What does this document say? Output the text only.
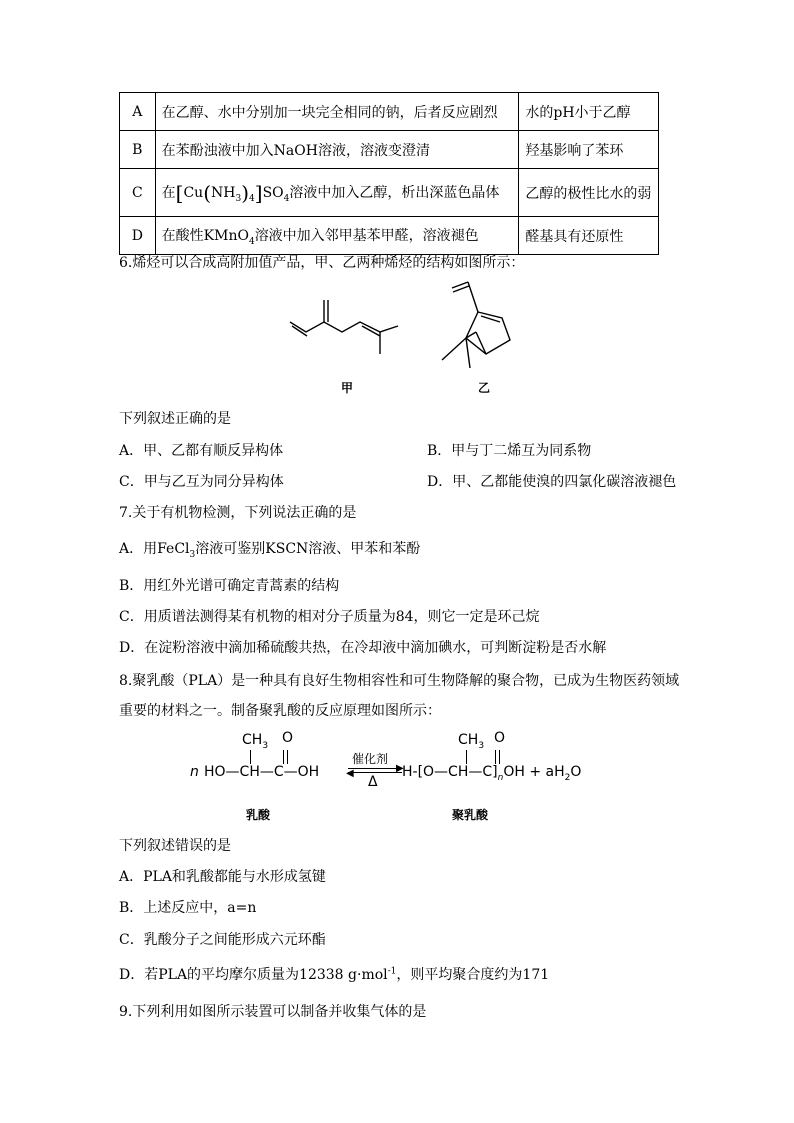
A	在乙醇、水中分别加一块完全相同的钠，后者反应剧烈	水的pH小于乙醇
B	在苯酚浊液中加入NaOH溶液，溶液变澄清	羟基影响了苯环
C	在$[Cu(NH_3)_4]SO_4$溶液中加入乙醇，析出深蓝色晶体	乙醇的极性比水的弱
D	在酸性KMnO$_4$溶液中加入邻甲基苯甲醛，溶液褪色	醛基具有还原性
6.烯烃可以合成高附加值产品，甲、乙两种烯烃的结构如图所示：
甲	乙
下列叙述正确的是
A．甲、乙都有顺反异构体	B．甲与丁二烯互为同系物
C．甲与乙互为同分异构体	D．甲、乙都能使溴的四氯化碳溶液褪色
7.关于有机物检测，下列说法正确的是
A．用FeCl$_3$溶液可鉴别KSCN溶液、甲苯和苯酚
B．用红外光谱可确定青蒿素的结构
C．用质谱法测得某有机物的相对分子质量为84，则它一定是环己烷
D．在淀粉溶液中滴加稀硫酸共热，在冷却液中滴加碘水，可判断淀粉是否水解
8.聚乳酸（PLA）是一种具有良好生物相容性和可生物降解的聚合物，已成为生物医药领域
重要的材料之一。制备聚乳酸的反应原理如图所示：
$CH_3$ O
n HO—CH—C—OH
催化剂
▶
◀
Δ
$CH_3$ O
$H-[O—CH—C]_nOH + aH_2O$
乳酸	聚乳酸
下列叙述错误的是
A．PLA和乳酸都能与水形成氢键
B．上述反应中，a=n
C．乳酸分子之间能形成六元环酯
D．若PLA的平均摩尔质量为12338 g·mol$^{-1}$，则平均聚合度约为171
9.下列利用如图所示装置可以制备并收集气体的是
